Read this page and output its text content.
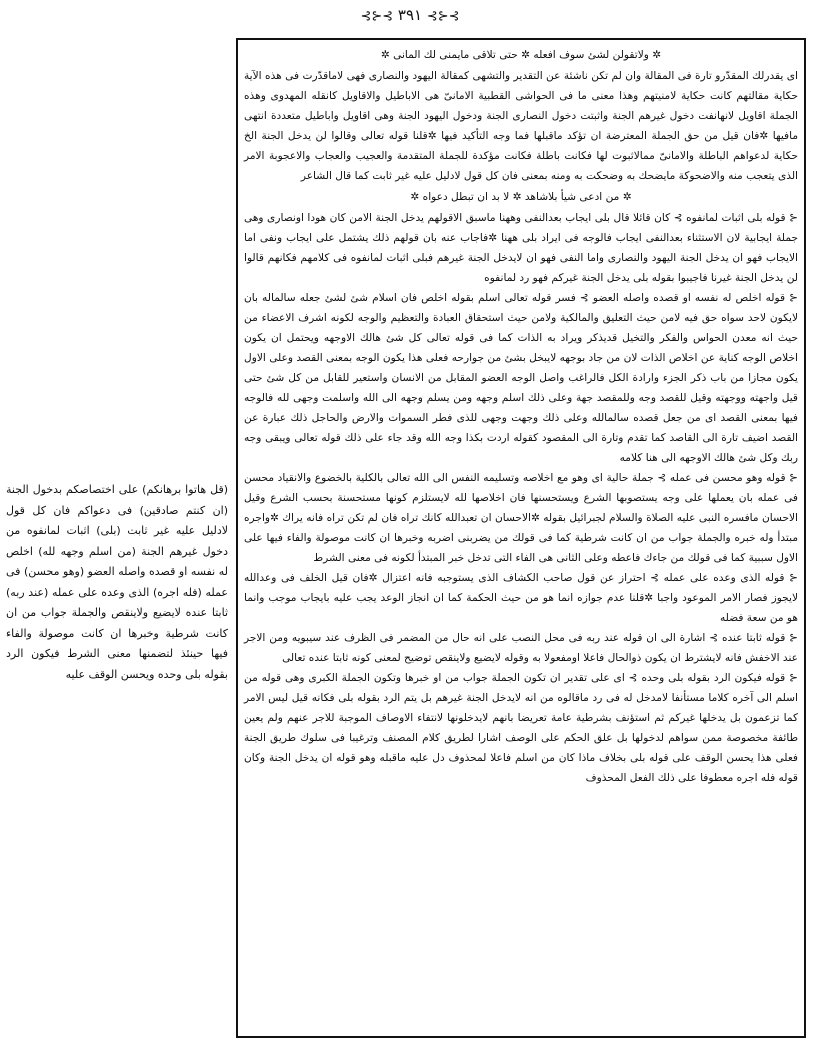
⊰⊱⊰ ۳۹۱ ⊰⊱⊰

✲ ولاتقولن لشئ سوف افعله ✲ حتی تلاقی مایمنی لك المانی ✲

ای یقدرلك المقدّرو تارة فی المقالة وان لم تكن ناشئة عن التقدیر والتشهی كمقالة الیهود والنصاری فهی لاماقدّرت فی هذه الآیة حكایة مقالتهم كانت حكایة لامنیتهم وهذا معنی ما فی الحواشی القطبیة الامانیّ هی الاباطیل والاقاویل كانقله المهدوی وهذه الجملة اقاویل لانهانفت دخول غیرهم الجنة واثبتت دخول النصاری الجنة ودخول الیهود الجنة وهی اقاویل واباطیل متعددة انتهی مافیها ✲فان قیل من حق الجملة المعترضة ان تؤكد ماقبلها فما وجه التأكید فیها ✲قلنا قوله تعالی وقالوا لن یدخل الجنة الخ حكایة لدعواهم الباطلة والامانیّ ممالاثبوت لها فكانت باطلة فكانت مؤكدة للجملة المتقدمة والعجیب والعجاب والاعجوبة الامر الذی یتعجب منه والاضحوكة مایضحك به وضحكت به ومنه بمعنی فان كل قول لادلیل علیه غیر ثابت كما قال الشاعر

✲ من ادعی شیأ بلاشاهد ✲ لا بد ان تبطل دعواه ✲

⊰ قوله بلی اثبات لمانفوه ⊱ كان قائلا قال بلی ایجاب بعدالنفی وههنا ماسبق الاقولهم یدخل الجنة الامن كان هودا اونصاری وهی جملة ایجابیة لان الاستثناء بعدالنفی ایجاب فالوجه فی ایراد بلی ههنا ✲فاجاب عنه بان قولهم ذلك یشتمل علی ایجاب ونفی اما الایجاب فهو ان یدخل الجنة الیهود والنصاری واما النفی فهو ان لایدخل الجنة غیرهم فبلی اثبات لمانفوه فی كلامهم فكانهم قالوا لن یدخل الجنة غیرنا فاجیبوا بقوله بلی یدخل الجنة غیركم فهو رد لمانفوه

⊰ قوله اخلص له نفسه او قصده واصله العضو ⊱ فسر قوله تعالی اسلم بقوله اخلص فان اسلام شئ لشئ جعله سالماله بان لایكون لاحد سواه حق فیه لامن حیث التعلیق والمالكیة ولامن حیث استحقاق العبادة والتعظیم والوجه لكونه اشرف الاعضاء من حیث انه معدن الحواس والفكر والتخیل قدیذكر ویراد به الذات كما فی قوله تعالی كل شئ هالك الاوجهه ویحتمل ان یكون اخلاص الوجه كنایة عن اخلاص الذات لان من جاد بوجهه لایبخل بشئ من جوارحه فعلی هذا یكون الوجه بمعنی القصد وعلی الاول یكون مجازا من باب ذكر الجزء وارادة الكل فالراغب واصل الوجه العضو المقابل من الانسان واستعیر للقابل من كل شئ حتی قیل واجهته ووجهته وقیل للقصد وجه وللمقصد جهة وعلی ذلك اسلم وجهه ومن یسلم وجهه الی الله واسلمت وجهی لله فالوجه فیها بمعنی القصد ای من جعل قصده سالمالله وعلی ذلك وجهت وجهی للذی فطر السموات والارض والحاجل ذلك عبارة عن القصد اضیف تارة الی القاصد كما تقدم وتارة الی المقصود كقوله اردت بكذا وجه الله وقد جاء علی ذلك قوله تعالی ویبقی وجه ربك وكل شئ هالك الاوجهه الی هنا كلامه

⊰ قوله وهو محسن فی عمله ⊱ جملة حالیة ای وهو مع اخلاصه وتسلیمه النفس الی الله تعالی بالكلیة بالخضوع والانقیاد محسن فی عمله بان یعملها علی وجه یستصوبها الشرع ویستحسنها فان اخلاصها لله لایستلزم كونها مستحسنة بحسب الشرع وقیل الاحسان مافسره النبی علیه الصلاة والسلام لجبرائیل بقوله ✲الاحسان ان تعبدالله كانك تراه فان لم تكن تراه فانه یراك ✲واجره مبتدأ وله خبره والجملة جواب من ان كانت شرطیة كما فی قولك من یضربنی اضربه وخبرها ان كانت موصولة والفاء فیها علی الاول سببیة كما فی قولك من جاءك فاعطه وعلی الثانی هی الفاء التی تدخل خبر المبتدأ لكونه فی معنی الشرط

⊰ قوله الذی وعده علی عمله ⊱ احتراز عن قول صاحب الكشاف الذی یستوجبه فانه اعتزال ✲فان قیل الخلف فی وعدالله لایجوز فصار الامر الموعود واجبا ✲قلنا عدم جوازه انما هو من حیث الحكمة كما ان انجاز الوعد یجب علیه بایجاب موجب وانما هو من سعة فضله

⊰ قوله ثابتا عنده ⊱ اشارة الی ان قوله عند ربه فی محل النصب علی انه حال من المضمر فی الظرف عند سیبویه ومن الاجر عند الاخفش فانه لایشترط ان یكون ذوالحال فاعلا اومفعولا به وقوله لایضیع ولاینقص توضیح لمعنی كونه ثابتا عنده تعالی

⊰ قوله فیكون الرد بقوله بلی وحده ⊱ ای علی تقدیر ان تكون الجملة جواب من او خبرها وتكون الجملة الكبری وهی قوله من اسلم الی آخره كلاما مستأنفا لامدخل له فی رد ماقالوه من انه لایدخل الجنة غیرهم بل یتم الرد بقوله بلی فكانه قیل لیس الامر كما تزعمون بل یدخلها غیركم ثم استؤنف بشرطیة عامة تعریضا بانهم لایدخلونها لانتفاء الاوصاف الموجبة للاجر عنهم ولم یعین طائفة مخصوصة ممن سواهم لدخولها بل علق الحكم علی الوصف اشارا لطریق كلام المصنف وترغیبا فی سلوك طریق الجنة فعلی هذا یحسن الوقف علی قوله بلی بخلاف ماذا كان من اسلم فاعلا لمحذوف دل علیه ماقبله وهو قوله ان یدخل الجنة وكان قوله فله اجره معطوفا علی ذلك الفعل المحذوف

(قل هاتوا برهانكم) علی اختصاصكم بدخول الجنة (ان كنتم صادقین) فی دعواكم فان كل قول لادلیل علیه غیر ثابت (بلی) اثبات لمانفوه من دخول غیرهم الجنة (من اسلم وجهه لله) اخلص له نفسه او قصده واصله العضو (وهو محسن) فی عمله (فله اجره) الذی وعده علی عمله (عند ربه) ثابتا عنده لایضیع ولاینقص والجملة جواب من ان كانت شرطیة وخبرها ان كانت موصولة والفاء فیها حینئذ لتضمنها معنی الشرط فیكون الرد بقوله بلی وحده ویحسن الوقف علیه
